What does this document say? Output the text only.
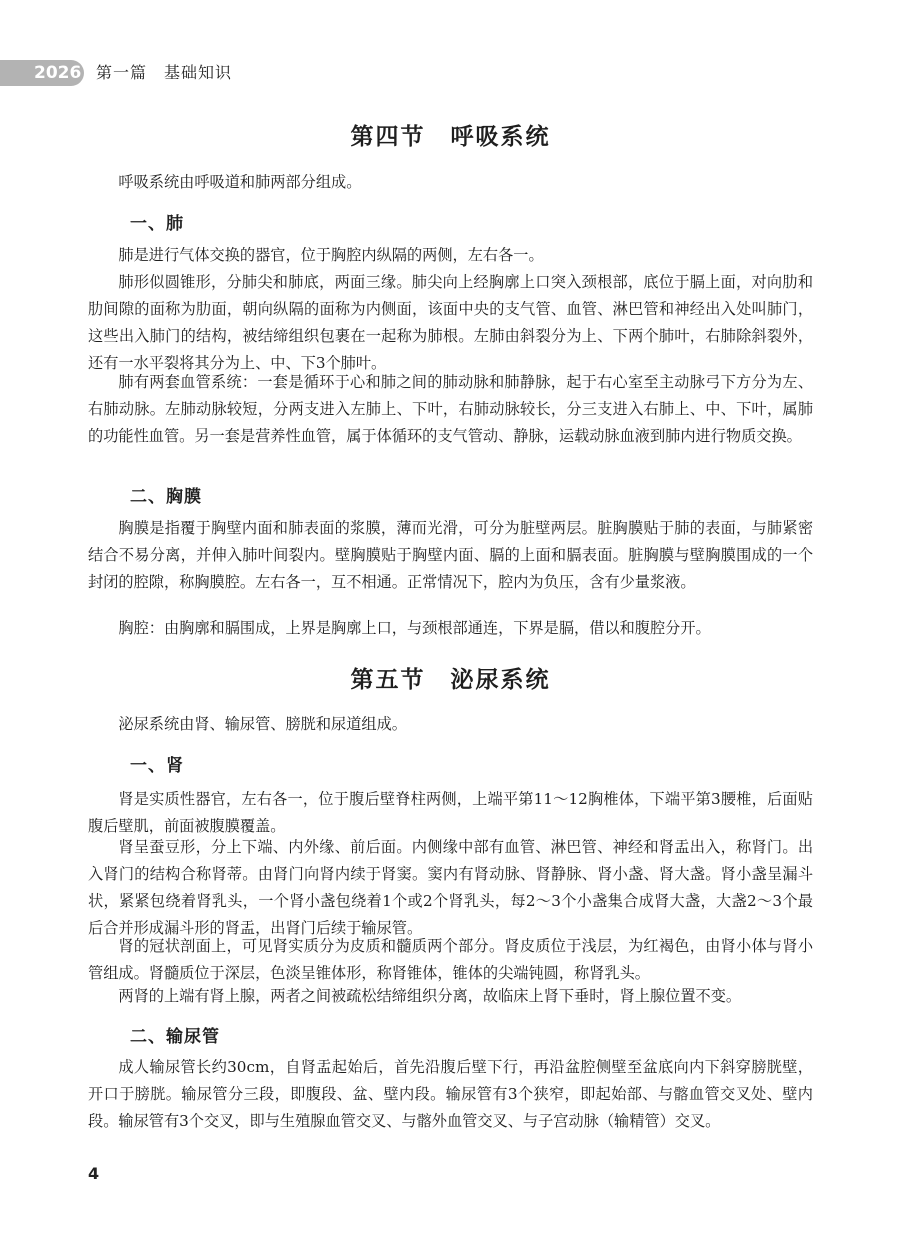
2026 第一篇　基础知识
第四节　呼吸系统

呼吸系统由呼吸道和肺两部分组成。

一、肺

肺是进行气体交换的器官，位于胸腔内纵隔的两侧，左右各一。

肺形似圆锥形，分肺尖和肺底，两面三缘。肺尖向上经胸廓上口突入颈根部，底位于膈上面，对向肋和肋间隙的面称为肋面，朝向纵隔的面称为内侧面，该面中央的支气管、血管、淋巴管和神经出入处叫肺门，这些出入肺门的结构，被结缔组织包裹在一起称为肺根。左肺由斜裂分为上、下两个肺叶，右肺除斜裂外，还有一水平裂将其分为上、中、下3个肺叶。

肺有两套血管系统：一套是循环于心和肺之间的肺动脉和肺静脉，起于右心室至主动脉弓下方分为左、右肺动脉。左肺动脉较短，分两支进入左肺上、下叶，右肺动脉较长，分三支进入右肺上、中、下叶，属肺的功能性血管。另一套是营养性血管，属于体循环的支气管动、静脉，运载动脉血液到肺内进行物质交换。

二、胸膜

胸膜是指覆于胸壁内面和肺表面的浆膜，薄而光滑，可分为脏壁两层。脏胸膜贴于肺的表面，与肺紧密结合不易分离，并伸入肺叶间裂内。壁胸膜贴于胸壁内面、膈的上面和膈表面。脏胸膜与壁胸膜围成的一个封闭的腔隙，称胸膜腔。左右各一，互不相通。正常情况下，腔内为负压，含有少量浆液。

胸腔：由胸廓和膈围成，上界是胸廓上口，与颈根部通连，下界是膈，借以和腹腔分开。

第五节　泌尿系统

泌尿系统由肾、输尿管、膀胱和尿道组成。

一、肾

肾是实质性器官，左右各一，位于腹后壁脊柱两侧，上端平第11～12胸椎体，下端平第3腰椎，后面贴腹后壁肌，前面被腹膜覆盖。

肾呈蚕豆形，分上下端、内外缘、前后面。内侧缘中部有血管、淋巴管、神经和肾盂出入，称肾门。出入肾门的结构合称肾蒂。由肾门向肾内续于肾窦。窦内有肾动脉、肾静脉、肾小盏、肾大盏。肾小盏呈漏斗状，紧紧包绕着肾乳头，一个肾小盏包绕着1个或2个肾乳头，每2～3个小盏集合成肾大盏，大盏2～3个最后合并形成漏斗形的肾盂，出肾门后续于输尿管。

肾的冠状剖面上，可见肾实质分为皮质和髓质两个部分。肾皮质位于浅层，为红褐色，由肾小体与肾小管组成。肾髓质位于深层，色淡呈锥体形，称肾锥体，锥体的尖端钝圆，称肾乳头。

两肾的上端有肾上腺，两者之间被疏松结缔组织分离，故临床上肾下垂时，肾上腺位置不变。

二、输尿管

成人输尿管长约30cm，自肾盂起始后，首先沿腹后壁下行，再沿盆腔侧壁至盆底向内下斜穿膀胱壁，开口于膀胱。输尿管分三段，即腹段、盆、壁内段。输尿管有3个狭窄，即起始部、与髂血管交叉处、壁内段。输尿管有3个交叉，即与生殖腺血管交叉、与髂外血管交叉、与子宫动脉（输精管）交叉。

4
